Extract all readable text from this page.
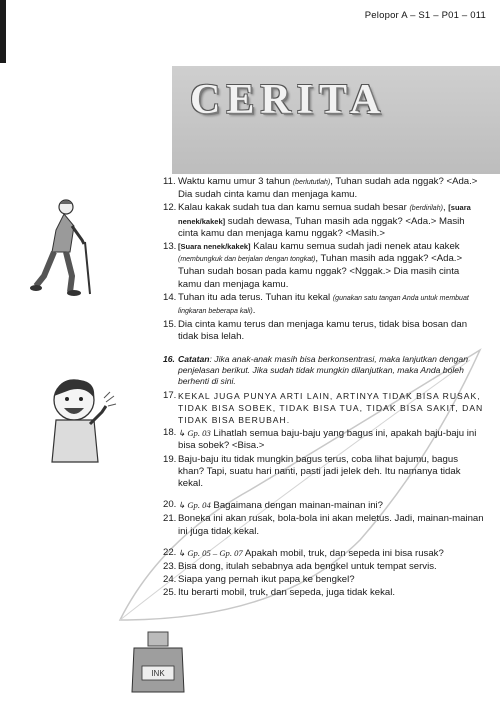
Pelopor A – S1 – P01 – 011
CERITA
INK
11. Waktu kamu umur 3 tahun (berlututlah), Tuhan sudah ada nggak? <Ada.> Dia sudah cinta kamu dan menjaga kamu.
12. Kalau kakak sudah tua dan kamu semua sudah besar (berdirilah), [suara nenek/kakek] sudah dewasa, Tuhan masih ada nggak? <Ada.> Masih cinta kamu dan menjaga kamu nggak? <Masih.>
13. [Suara nenek/kakek] Kalau kamu semua sudah jadi nenek atau kakek (membungkuk dan berjalan dengan tongkat), Tuhan masih ada nggak? <Ada.> Tuhan sudah bosan pada kamu nggak? <Nggak.> Dia masih cinta kamu dan menjaga kamu.
14. Tuhan itu ada terus. Tuhan itu kekal (gunakan satu tangan Anda untuk membuat lingkaran beberapa kali).
15. Dia cinta kamu terus dan menjaga kamu terus, tidak bisa bosan dan tidak bisa lelah.
16. Catatan: Jika anak-anak masih bisa berkonsentrasi, maka lanjutkan dengan penjelasan berikut. Jika sudah tidak mungkin dilanjutkan, maka Anda boleh berhenti di sini.
17. KEKAL JUGA PUNYA ARTI LAIN, ARTINYA TIDAK BISA RUSAK, TIDAK BISA SOBEK, TIDAK BISA TUA, TIDAK BISA SAKIT, DAN TIDAK BISA BERUBAH.
18. ↳ Gp. 03 Lihatlah semua baju-baju yang bagus ini, apakah baju-baju ini bisa sobek? <Bisa.>
19. Baju-baju itu tidak mungkin bagus terus, coba lihat bajumu, bagus khan? Tapi, suatu hari nanti, pasti jadi jelek deh. Itu namanya tidak kekal.
20. ↳ Gp. 04 Bagaimana dengan mainan-mainan ini?
21. Boneka ini akan rusak, bola-bola ini akan meletus. Jadi, mainan-mainan ini juga tidak kekal.
22. ↳ Gp. 05 – Gp. 07 Apakah mobil, truk, dan sepeda ini bisa rusak?
23. Bisa dong, itulah sebabnya ada bengkel untuk tempat servis.
24. Siapa yang pernah ikut papa ke bengkel?
25. Itu berarti mobil, truk, dan sepeda, juga tidak kekal.
